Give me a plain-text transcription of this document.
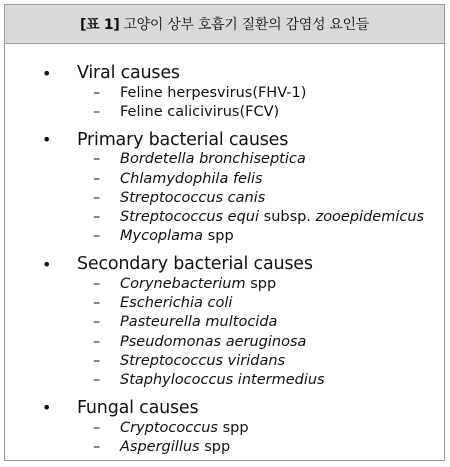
[표 1] 고양이 상부 호흡기 질환의 감염성 요인들
•	Viral causes
–	Feline herpesvirus(FHV-1)
–	Feline calicivirus(FCV)
•	Primary bacterial causes
–	Bordetella bronchiseptica
–	Chlamydophila felis
–	Streptococcus canis
–	Streptococcus equi subsp. zooepidemicus
–	Mycoplama spp
•	Secondary bacterial causes
–	Corynebacterium spp
–	Escherichia coli
–	Pasteurella multocida
–	Pseudomonas aeruginosa
–	Streptococcus viridans
–	Staphylococcus intermedius
•	Fungal causes
–	Cryptococcus spp
–	Aspergillus spp
